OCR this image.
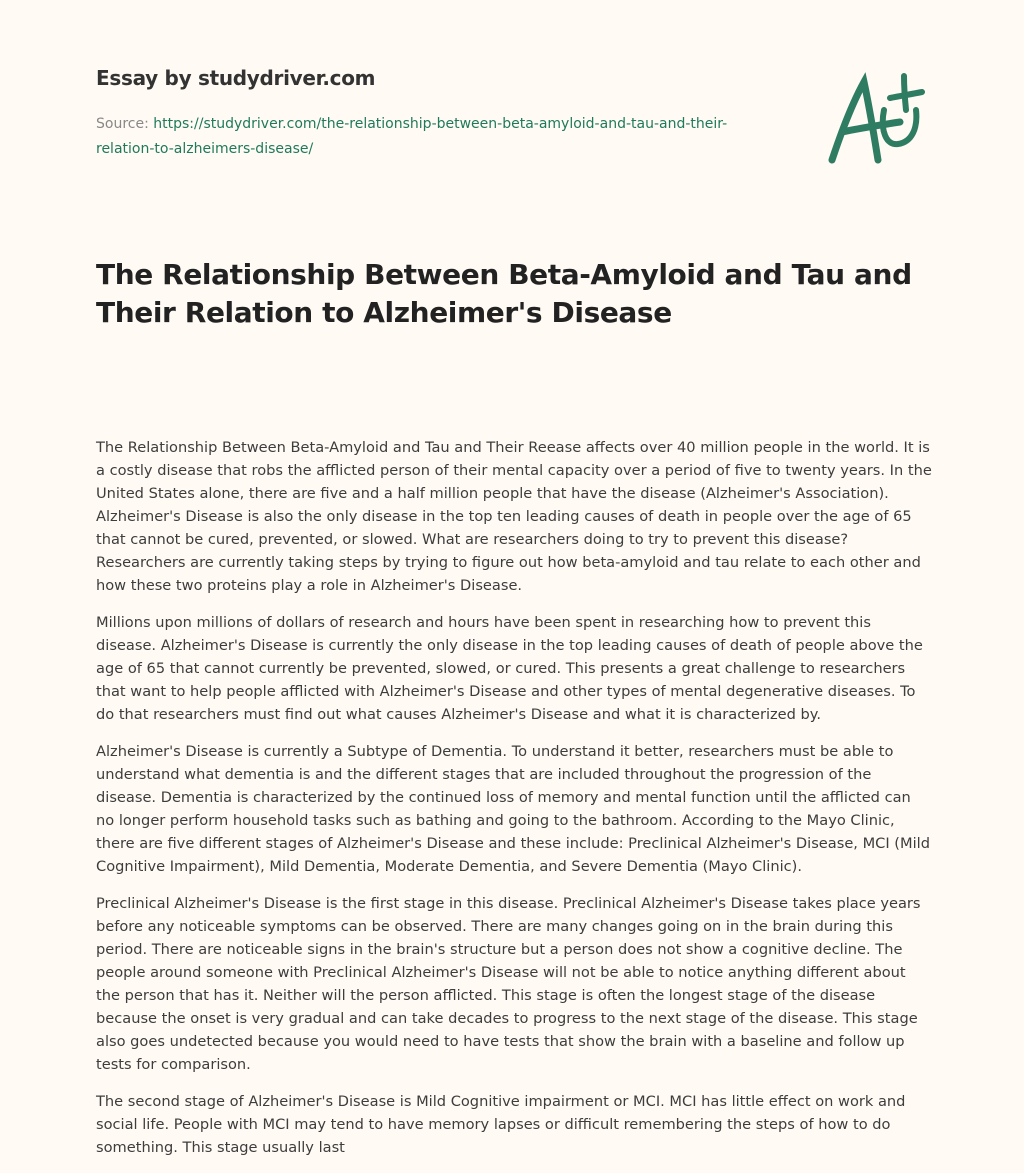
Essay by studydriver.com
Source: https://studydriver.com/the-relationship-between-beta-amyloid-and-tau-and-their-relation-to-alzheimers-disease/
The Relationship Between Beta-Amyloid and Tau and Their Relation to Alzheimer's Disease

The Relationship Between Beta-Amyloid and Tau and Their Reease affects over 40 million people in the world. It is a costly disease that robs the afflicted person of their mental capacity over a period of five to twenty years. In the United States alone, there are five and a half million people that have the disease (Alzheimer's Association). Alzheimer's Disease is also the only disease in the top ten leading causes of death in people over the age of 65 that cannot be cured, prevented, or slowed. What are researchers doing to try to prevent this disease? Researchers are currently taking steps by trying to figure out how beta-amyloid and tau relate to each other and how these two proteins play a role in Alzheimer's Disease.

Millions upon millions of dollars of research and hours have been spent in researching how to prevent this disease. Alzheimer's Disease is currently the only disease in the top leading causes of death of people above the age of 65 that cannot currently be prevented, slowed, or cured. This presents a great challenge to researchers that want to help people afflicted with Alzheimer's Disease and other types of mental degenerative diseases. To do that researchers must find out what causes Alzheimer's Disease and what it is characterized by.

Alzheimer's Disease is currently a Subtype of Dementia. To understand it better, researchers must be able to understand what dementia is and the different stages that are included throughout the progression of the disease. Dementia is characterized by the continued loss of memory and mental function until the afflicted can no longer perform household tasks such as bathing and going to the bathroom. According to the Mayo Clinic, there are five different stages of Alzheimer's Disease and these include: Preclinical Alzheimer's Disease, MCI (Mild Cognitive Impairment), Mild Dementia, Moderate Dementia, and Severe Dementia (Mayo Clinic).

Preclinical Alzheimer's Disease is the first stage in this disease. Preclinical Alzheimer's Disease takes place years before any noticeable symptoms can be observed. There are many changes going on in the brain during this period. There are noticeable signs in the brain's structure but a person does not show a cognitive decline. The people around someone with Preclinical Alzheimer's Disease will not be able to notice anything different about the person that has it. Neither will the person afflicted. This stage is often the longest stage of the disease because the onset is very gradual and can take decades to progress to the next stage of the disease. This stage also goes undetected because you would need to have tests that show the brain with a baseline and follow up tests for comparison.

The second stage of Alzheimer's Disease is Mild Cognitive impairment or MCI. MCI has little effect on work and social life. People with MCI may tend to have memory lapses or difficult remembering the steps of how to do something. This stage usually last
